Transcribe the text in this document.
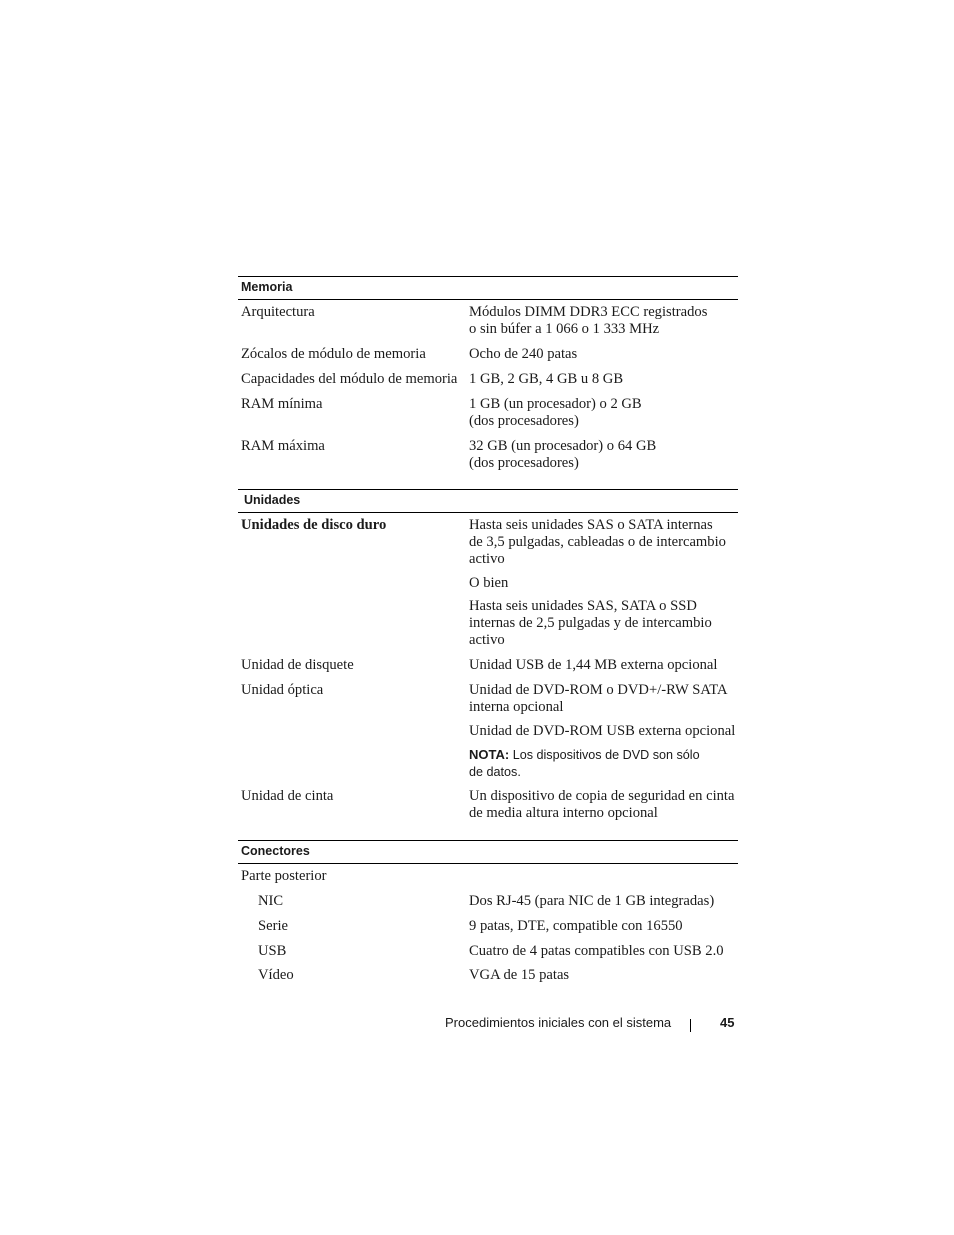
Memoria
Arquitectura	Módulos DIMM DDR3 ECC registrados
o sin búfer a 1 066 o 1 333 MHz
Zócalos de módulo de memoria	Ocho de 240 patas
Capacidades del módulo de memoria 1 GB, 2 GB, 4 GB u 8 GB
RAM mínima	1 GB (un procesador) o 2 GB
(dos procesadores)
RAM máxima	32 GB (un procesador) o 64 GB
(dos procesadores)
Unidades
Unidades de disco duro	Hasta seis unidades SAS o SATA internas
de 3,5 pulgadas, cableadas o de intercambio
activo
O bien
Hasta seis unidades SAS, SATA o SSD
internas de 2,5 pulgadas y de intercambio
activo
Unidad de disquete	Unidad USB de 1,44 MB externa opcional
Unidad óptica	Unidad de DVD-ROM o DVD+/-RW SATA
interna opcional
Unidad de DVD-ROM USB externa opcional
NOTA: Los dispositivos de DVD son sólo
de datos.
Unidad de cinta	Un dispositivo de copia de seguridad en cinta
de media altura interno opcional
Conectores
Parte posterior
NIC	Dos RJ-45 (para NIC de 1 GB integradas)
Serie	9 patas, DTE, compatible con 16550
USB	Cuatro de 4 patas compatibles con USB 2.0
Vídeo	VGA de 15 patas
Procedimientos iniciales con el sistema	45
